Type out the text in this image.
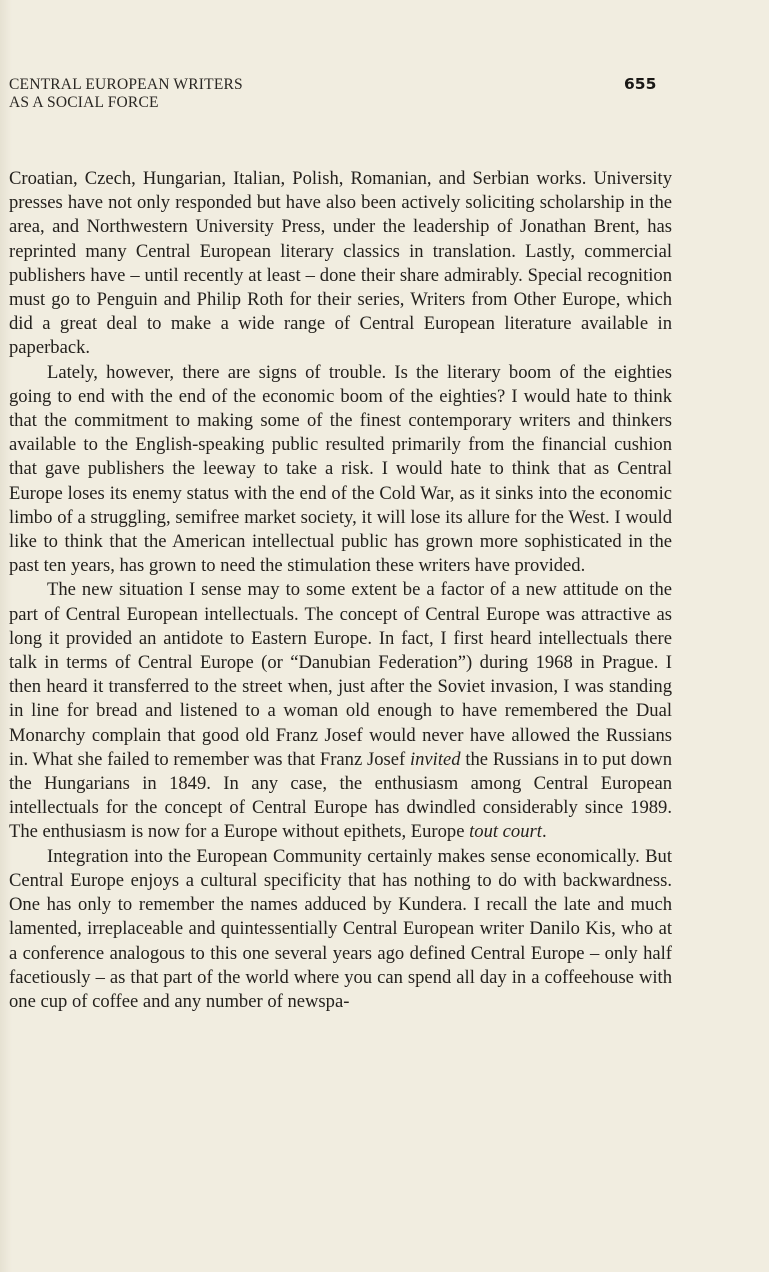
CENTRAL EUROPEAN WRITERS
AS A SOCIAL FORCE
655

Croatian, Czech, Hungarian, Italian, Polish, Romanian, and Serbian works. University presses have not only responded but have also been actively soliciting scholarship in the area, and Northwestern University Press, under the leadership of Jonathan Brent, has reprinted many Central European literary classics in translation. Lastly, commercial publishers have – until recently at least – done their share admirably. Special recognition must go to Penguin and Philip Roth for their series, Writers from Other Europe, which did a great deal to make a wide range of Central European literature available in paperback.

Lately, however, there are signs of trouble. Is the literary boom of the eighties going to end with the end of the economic boom of the eighties? I would hate to think that the commitment to making some of the finest contemporary writers and thinkers available to the English-speaking public resulted primarily from the financial cushion that gave publishers the leeway to take a risk. I would hate to think that as Central Europe loses its enemy status with the end of the Cold War, as it sinks into the economic limbo of a struggling, semifree market society, it will lose its allure for the West. I would like to think that the American intellectual public has grown more sophisticated in the past ten years, has grown to need the stimulation these writers have provided.

The new situation I sense may to some extent be a factor of a new attitude on the part of Central European intellectuals. The concept of Central Europe was attractive as long it provided an antidote to Eastern Europe. In fact, I first heard intellectuals there talk in terms of Central Europe (or “Danubian Federation”) during 1968 in Prague. I then heard it transferred to the street when, just after the Soviet invasion, I was standing in line for bread and listened to a woman old enough to have remembered the Dual Monarchy complain that good old Franz Josef would never have allowed the Russians in. What she failed to remember was that Franz Josef invited the Russians in to put down the Hungarians in 1849. In any case, the enthusiasm among Central European intellectuals for the concept of Central Europe has dwindled considerably since 1989. The enthusiasm is now for a Europe without epithets, Europe tout court.

Integration into the European Community certainly makes sense economically. But Central Europe enjoys a cultural specificity that has nothing to do with backwardness. One has only to remember the names adduced by Kundera. I recall the late and much lamented, irreplaceable and quintessentially Central European writer Danilo Kis, who at a conference analogous to this one several years ago defined Central Europe – only half facetiously – as that part of the world where you can spend all day in a coffeehouse with one cup of coffee and any number of newspa-
